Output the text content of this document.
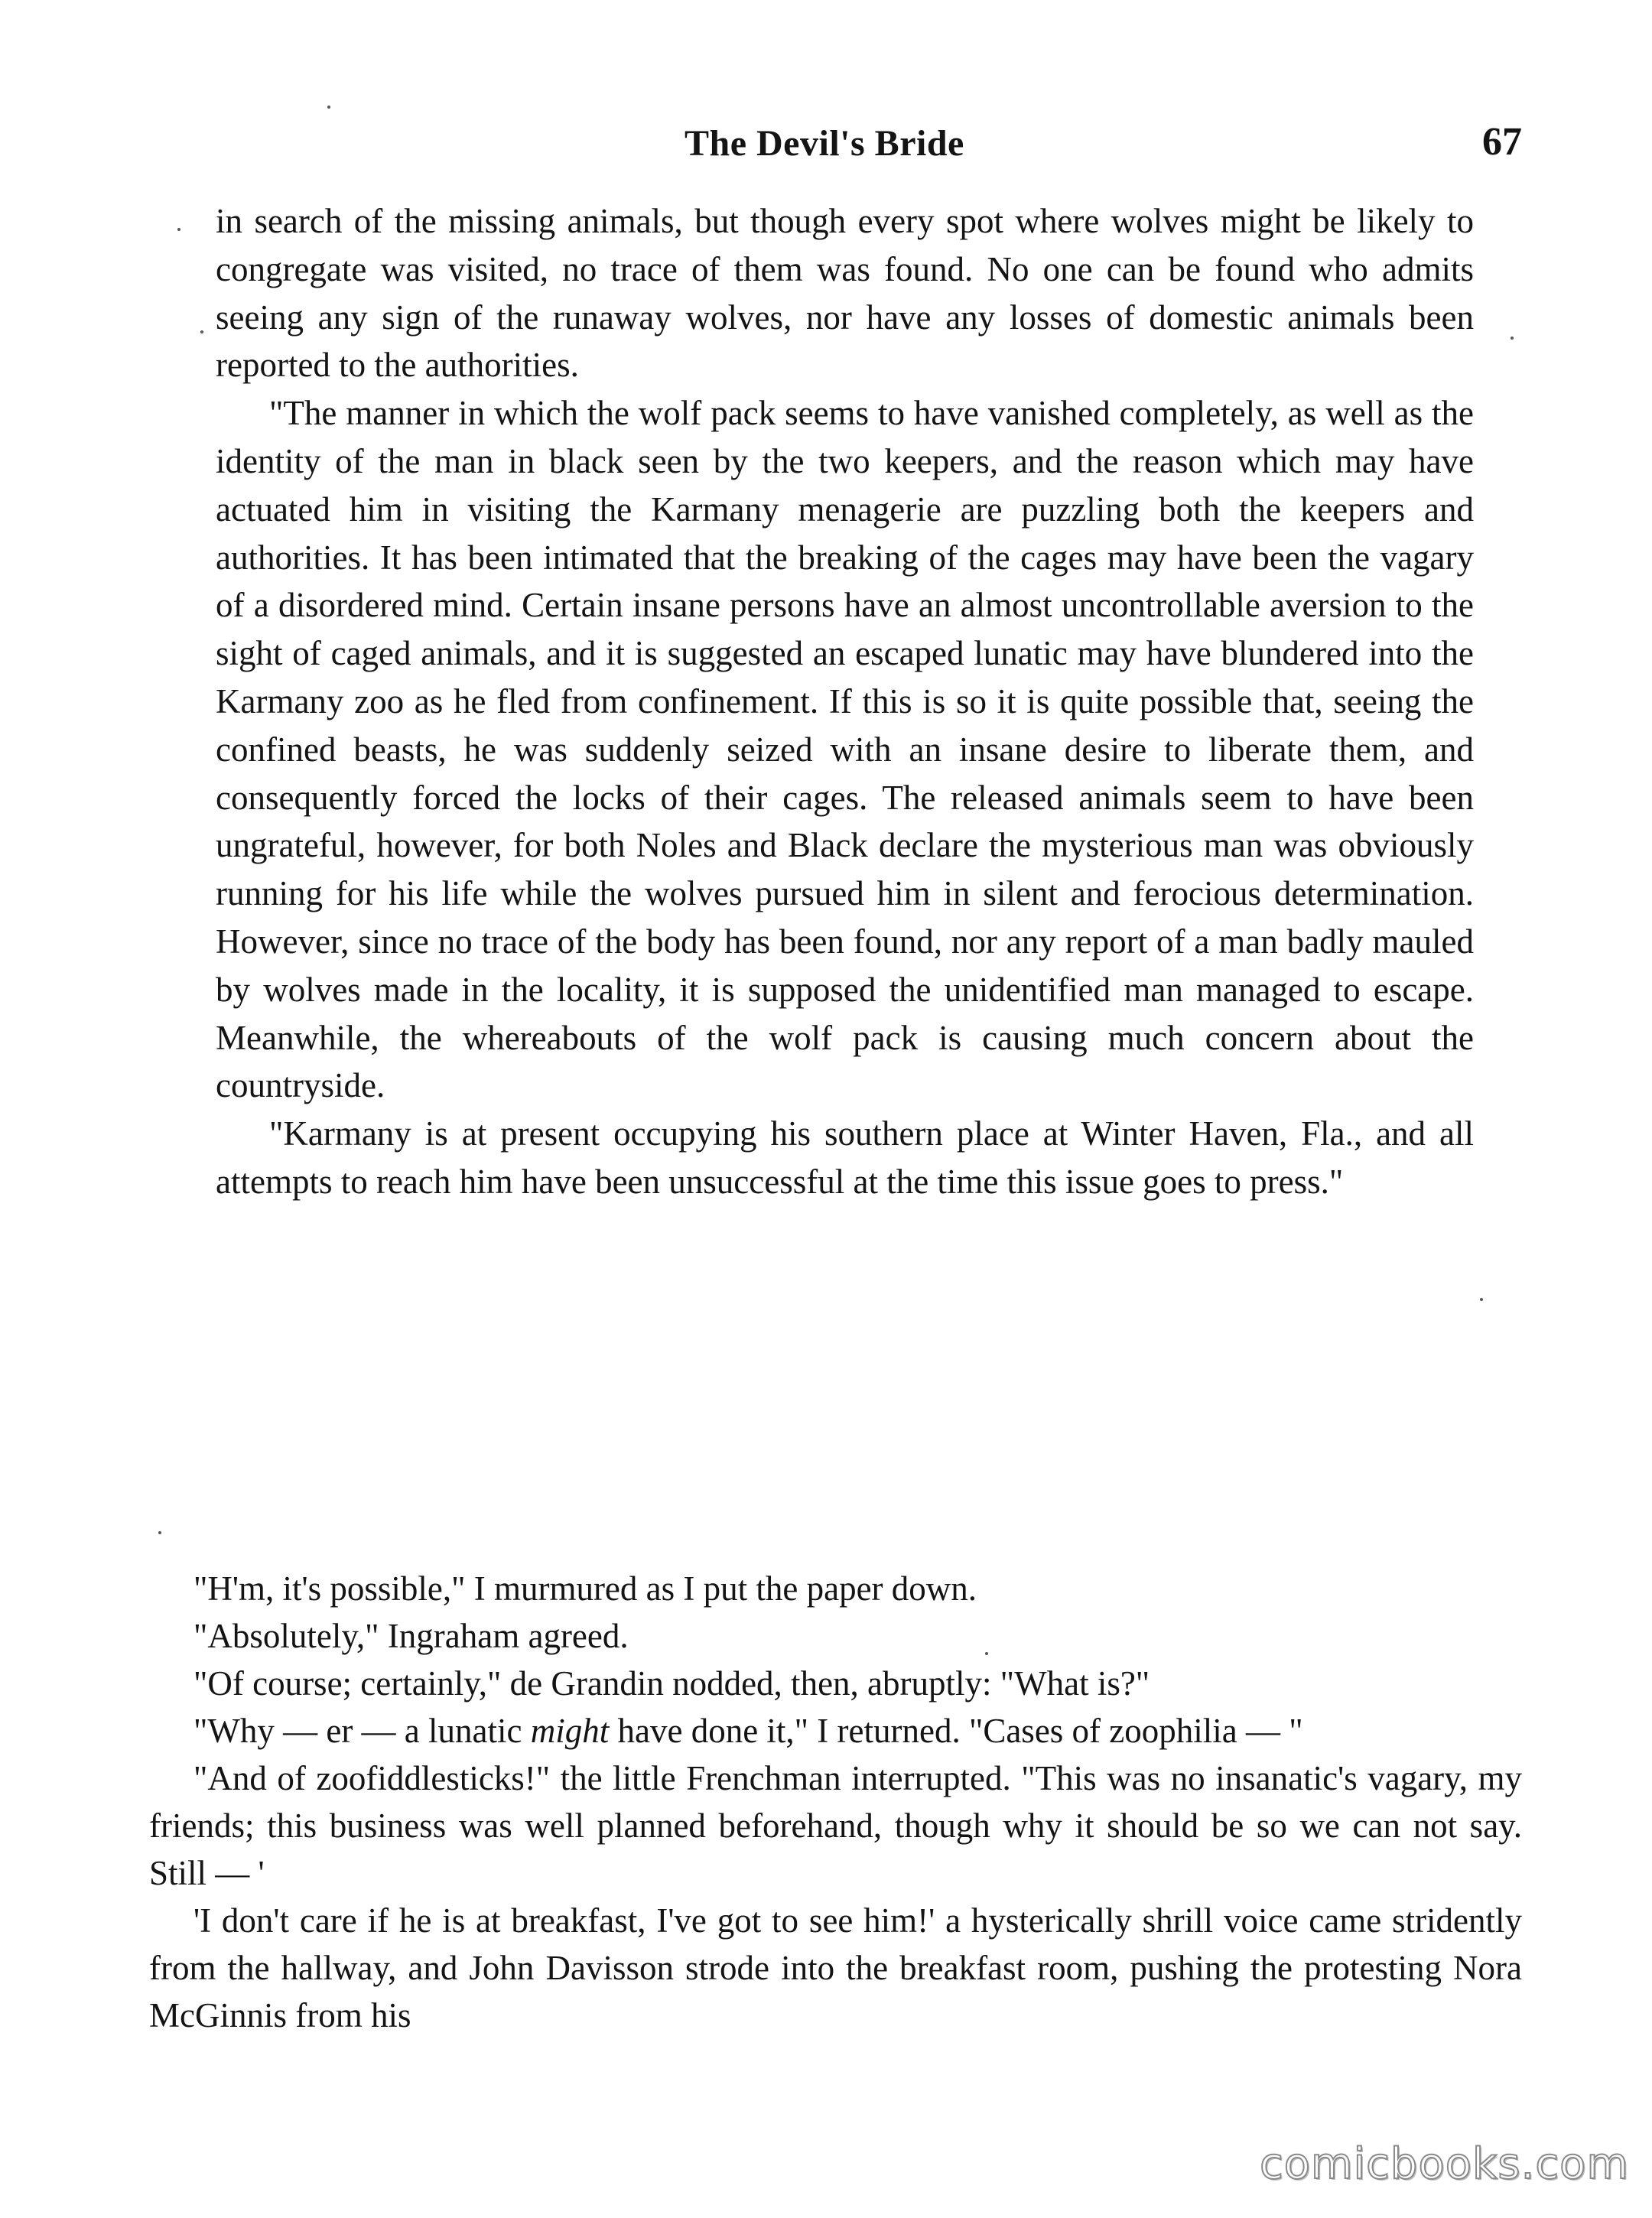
The Devil's Bride	67

in search of the missing animals, but though every spot where wolves might be likely to congregate was visited, no trace of them was found. No one can be found who admits seeing any sign of the runaway wolves, nor have any losses of domestic animals been reported to the authorities.

"The manner in which the wolf pack seems to have vanished completely, as well as the identity of the man in black seen by the two keepers, and the reason which may have actuated him in visiting the Karmany menagerie are puzzling both the keepers and authorities. It has been intimated that the breaking of the cages may have been the vagary of a disordered mind. Certain insane persons have an almost uncontrollable aversion to the sight of caged animals, and it is suggested an escaped lunatic may have blundered into the Karmany zoo as he fled from confinement. If this is so it is quite possible that, seeing the confined beasts, he was suddenly seized with an insane desire to liberate them, and consequently forced the locks of their cages. The released animals seem to have been ungrateful, however, for both Noles and Black declare the mysterious man was obviously running for his life while the wolves pursued him in silent and ferocious determination. However, since no trace of the body has been found, nor any report of a man badly mauled by wolves made in the locality, it is supposed the unidentified man managed to escape. Meanwhile, the whereabouts of the wolf pack is causing much concern about the countryside.

"Karmany is at present occupying his southern place at Winter Haven, Fla., and all attempts to reach him have been unsuccessful at the time this issue goes to press."

"H'm, it's possible," I murmured as I put the paper down.

"Absolutely," Ingraham agreed.

"Of course; certainly," de Grandin nodded, then, abruptly: "What is?"

"Why — er — a lunatic might have done it," I returned. "Cases of zoophilia — "

"And of zoofiddlesticks!" the little Frenchman interrupted. "This was no insanatic's vagary, my friends; this business was well planned beforehand, though why it should be so we can not say. Still — '

'I don't care if he is at breakfast, I've got to see him!' a hysterically shrill voice came stridently from the hallway, and John Davisson strode into the breakfast room, pushing the protesting Nora McGinnis from his

comicbooks.com
